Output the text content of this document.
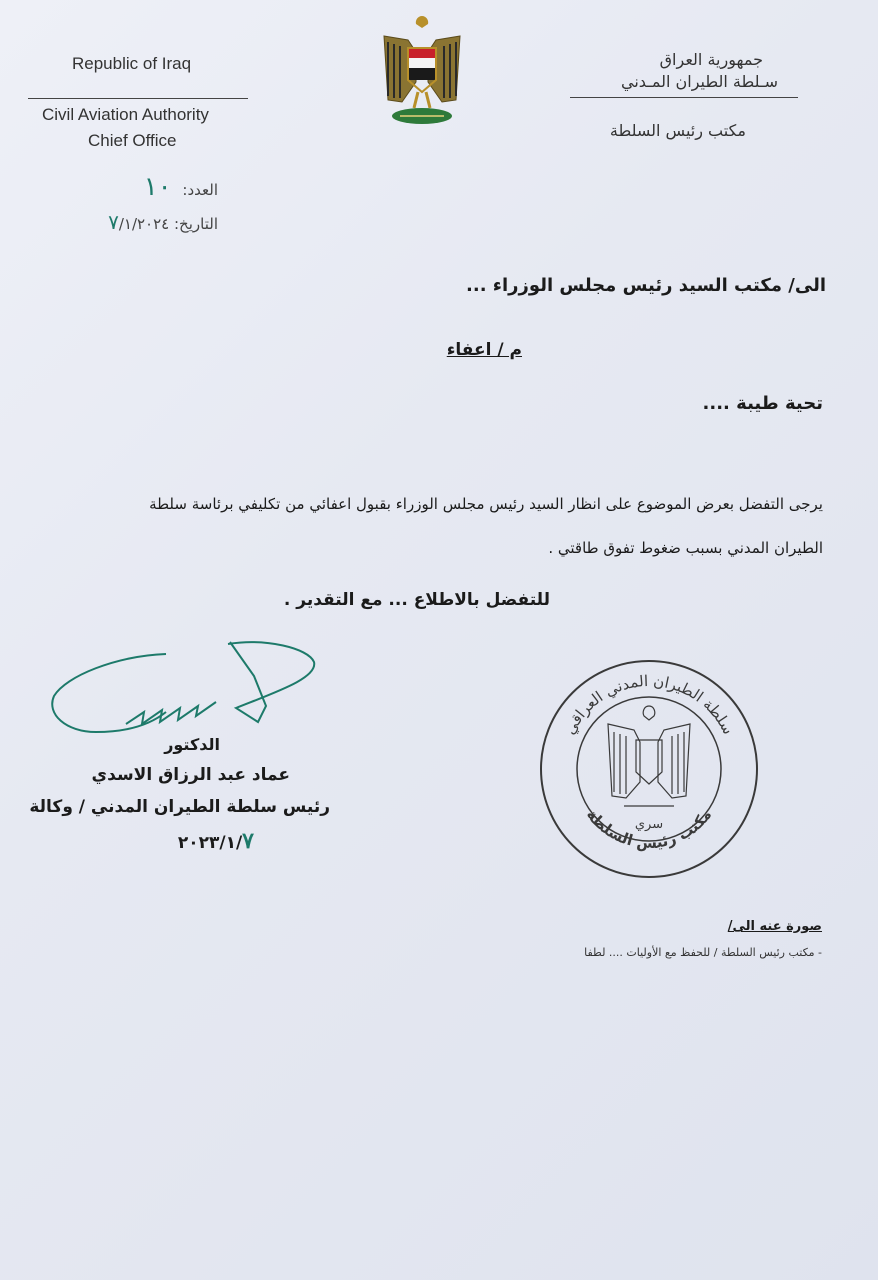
Republic of Iraq
Civil Aviation Authority
Chief Office
العدد: ١٠
التاريخ: ٧/١/٢٠٢٤
جمهورية العراق
سـلطة الطيران المـدني
مكتب رئيس السلطة
الى/ مكتب السيد رئيس مجلس الوزراء ...
م / اعفاء
تحية طيبة ....
يرجى التفضل بعرض الموضوع على انظار السيد رئيس مجلس الوزراء بقبول اعفائي من تكليفي برئاسة سلطة
الطيران المدني بسبب ضغوط تفوق طاقتي .
للتفضل بالاطلاع ... مع التقدير .
الدكتور
عماد عبد الرزاق الاسدي
رئيس سلطة الطيران المدني / وكالة
٢٠٢٣/١/٧
سلطة الطيران المدني العراقي
مكتب رئيس السلطة
سري
صورة عنه الى/
- مكتب رئيس السلطة / للحفظ مع الأوليات .... لطفا
